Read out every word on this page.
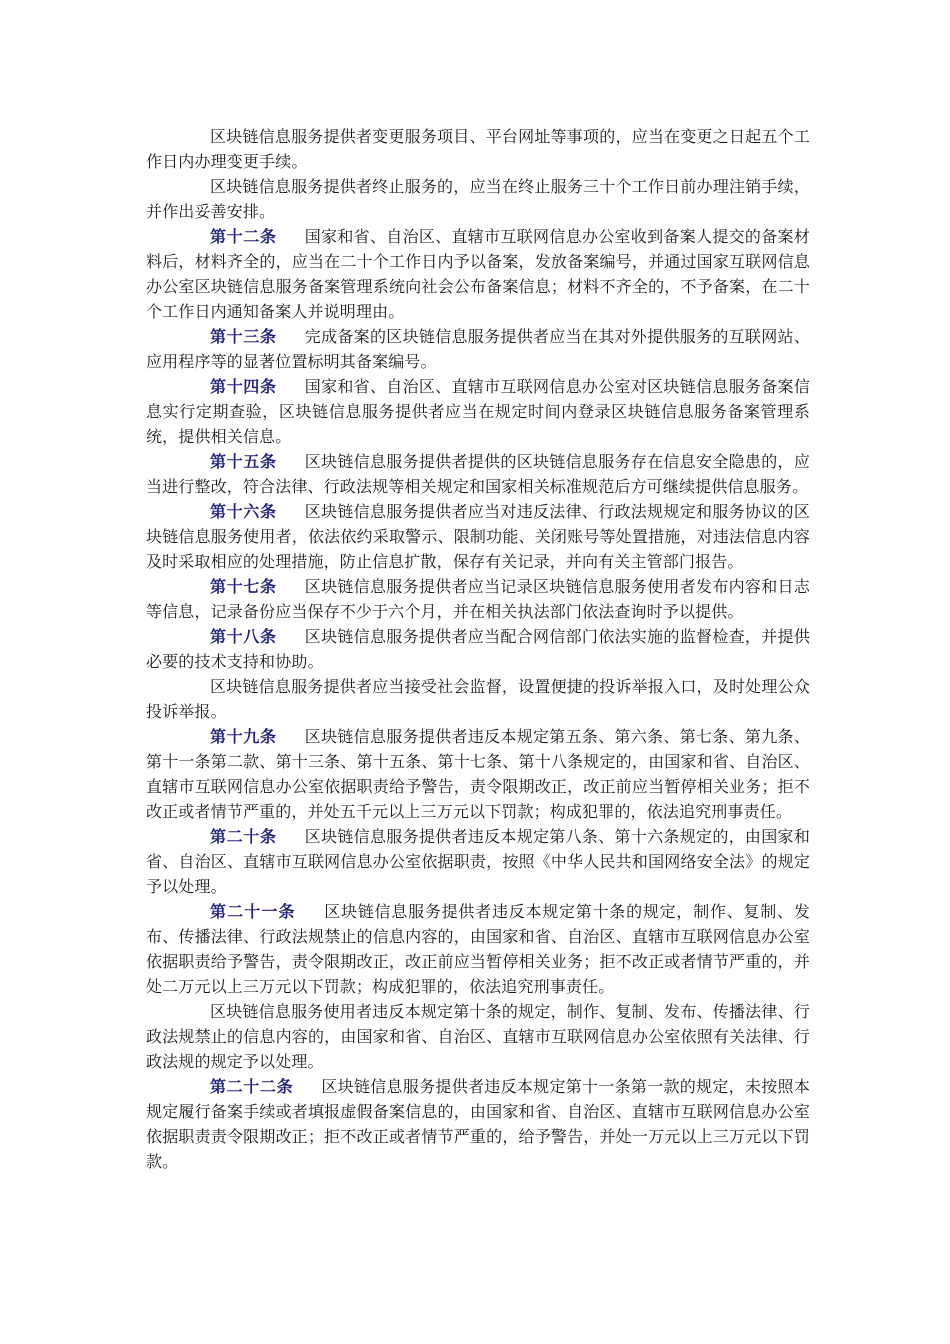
区块链信息服务提供者变更服务项目、平台网址等事项的，应当在变更之日起五个工作日内办理变更手续。

区块链信息服务提供者终止服务的，应当在终止服务三十个工作日前办理注销手续，并作出妥善安排。

第十二条 国家和省、自治区、直辖市互联网信息办公室收到备案人提交的备案材料后，材料齐全的，应当在二十个工作日内予以备案，发放备案编号，并通过国家互联网信息办公室区块链信息服务备案管理系统向社会公布备案信息；材料不齐全的，不予备案，在二十个工作日内通知备案人并说明理由。

第十三条 完成备案的区块链信息服务提供者应当在其对外提供服务的互联网站、应用程序等的显著位置标明其备案编号。

第十四条 国家和省、自治区、直辖市互联网信息办公室对区块链信息服务备案信息实行定期查验，区块链信息服务提供者应当在规定时间内登录区块链信息服务备案管理系统，提供相关信息。

第十五条 区块链信息服务提供者提供的区块链信息服务存在信息安全隐患的，应当进行整改，符合法律、行政法规等相关规定和国家相关标准规范后方可继续提供信息服务。

第十六条 区块链信息服务提供者应当对违反法律、行政法规规定和服务协议的区块链信息服务使用者，依法依约采取警示、限制功能、关闭账号等处置措施，对违法信息内容及时采取相应的处理措施，防止信息扩散，保存有关记录，并向有关主管部门报告。

第十七条 区块链信息服务提供者应当记录区块链信息服务使用者发布内容和日志等信息，记录备份应当保存不少于六个月，并在相关执法部门依法查询时予以提供。

第十八条 区块链信息服务提供者应当配合网信部门依法实施的监督检查，并提供必要的技术支持和协助。

区块链信息服务提供者应当接受社会监督，设置便捷的投诉举报入口，及时处理公众投诉举报。

第十九条 区块链信息服务提供者违反本规定第五条、第六条、第七条、第九条、第十一条第二款、第十三条、第十五条、第十七条、第十八条规定的，由国家和省、自治区、直辖市互联网信息办公室依据职责给予警告，责令限期改正，改正前应当暂停相关业务；拒不改正或者情节严重的，并处五千元以上三万元以下罚款；构成犯罪的，依法追究刑事责任。

第二十条 区块链信息服务提供者违反本规定第八条、第十六条规定的，由国家和省、自治区、直辖市互联网信息办公室依据职责，按照《中华人民共和国网络安全法》的规定予以处理。

第二十一条 区块链信息服务提供者违反本规定第十条的规定，制作、复制、发布、传播法律、行政法规禁止的信息内容的，由国家和省、自治区、直辖市互联网信息办公室依据职责给予警告，责令限期改正，改正前应当暂停相关业务；拒不改正或者情节严重的，并处二万元以上三万元以下罚款；构成犯罪的，依法追究刑事责任。

区块链信息服务使用者违反本规定第十条的规定，制作、复制、发布、传播法律、行政法规禁止的信息内容的，由国家和省、自治区、直辖市互联网信息办公室依照有关法律、行政法规的规定予以处理。

第二十二条 区块链信息服务提供者违反本规定第十一条第一款的规定，未按照本规定履行备案手续或者填报虚假备案信息的，由国家和省、自治区、直辖市互联网信息办公室依据职责责令限期改正；拒不改正或者情节严重的，给予警告，并处一万元以上三万元以下罚款。
